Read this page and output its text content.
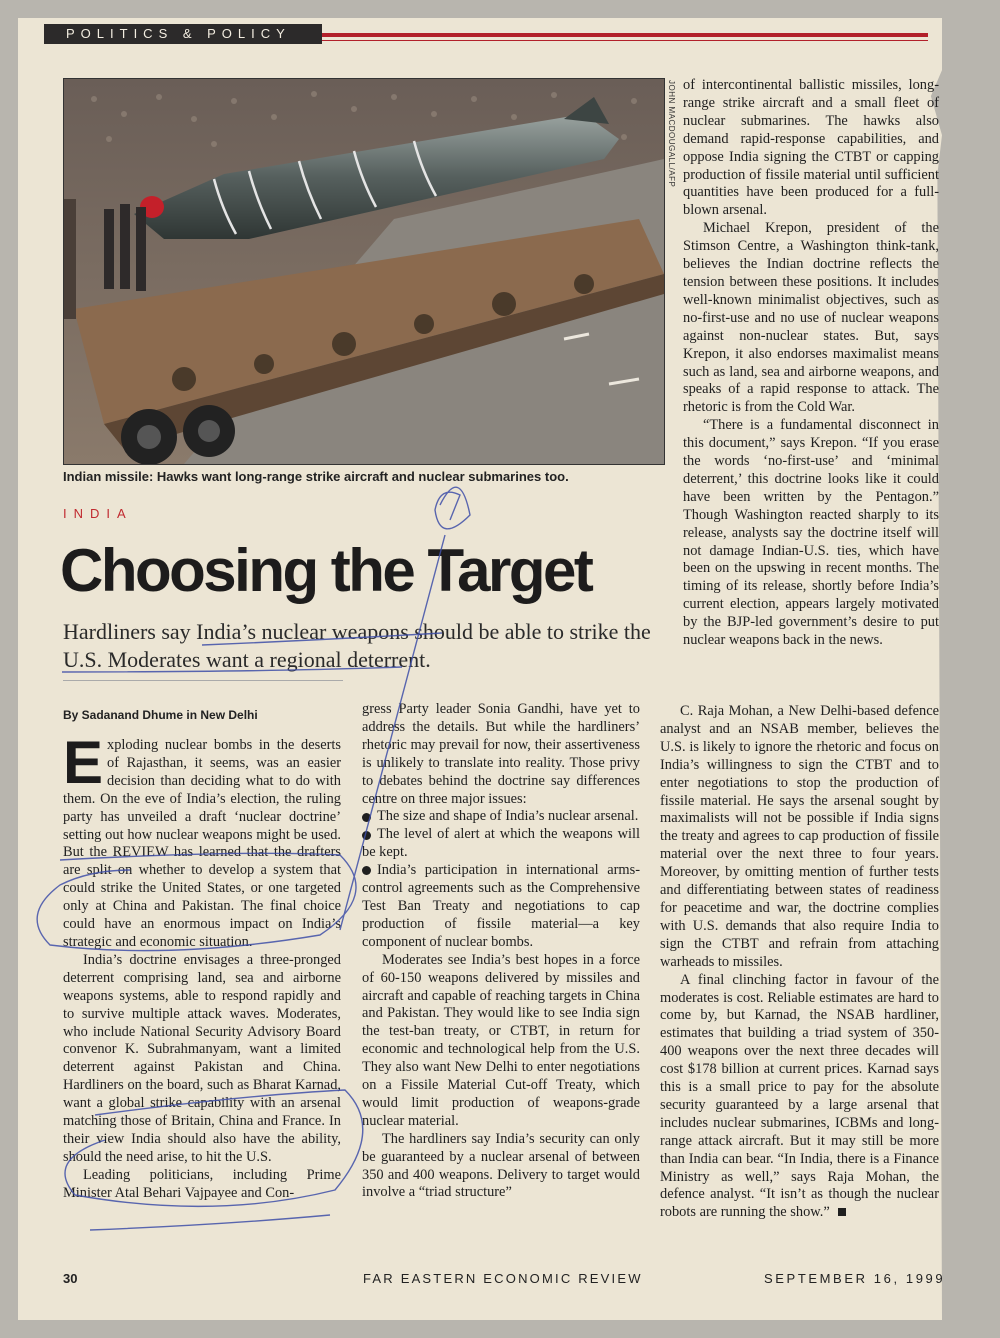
POLITICS & POLICY
JOHN MACDOUGALL/AFP
Indian missile: Hawks want long-range strike aircraft and nuclear submarines too.
INDIA
Choosing the Target
Hardliners say India’s nuclear weapons should be able to strike the U.S. Moderates want a regional deterrent.
By Sadanand Dhume in New Delhi

Exploding nuclear bombs in the deserts of Rajasthan, it seems, was an easier decision than deciding what to do with them. On the eve of India’s election, the ruling party has unveiled a draft ‘nuclear doctrine’ setting out how nuclear weapons might be used. But the REVIEW has learned that the drafters are split on whether to develop a system that could strike the United States, or one targeted only at China and Pakistan. The final choice could have an enormous impact on India’s strategic and economic situation.

India’s doctrine envisages a three-pronged deterrent comprising land, sea and airborne weapons systems, able to respond rapidly and to survive multiple attack waves. Moderates, who include National Security Advisory Board convenor K. Subrahmanyam, want a limited deterrent against Pakistan and China. Hardliners on the board, such as Bharat Karnad, want a global strike capability with an arsenal matching those of Britain, China and France. In their view India should also have the ability, should the need arise, to hit the U.S.

Leading politicians, including Prime Minister Atal Behari Vajpayee and Con-

gress Party leader Sonia Gandhi, have yet to address the details. But while the hardliners’ rhetoric may prevail for now, their assertiveness is unlikely to translate into reality. Those privy to debates behind the doctrine say differences centre on three major issues:

The size and shape of India’s nuclear arsenal.

The level of alert at which the weapons will be kept.

India’s participation in international arms-control agreements such as the Comprehensive Test Ban Treaty and negotiations to cap production of fissile material—a key component of nuclear bombs.

Moderates see India’s best hopes in a force of 60-150 weapons delivered by missiles and aircraft and capable of reaching targets in China and Pakistan. They would like to see India sign the test-ban treaty, or CTBT, in return for economic and technological help from the U.S. They also want New Delhi to enter negotiations on a Fissile Material Cut-off Treaty, which would limit production of weapons-grade nuclear material.

The hardliners say India’s security can only be guaranteed by a nuclear arsenal of between 350 and 400 weapons. Delivery to target would involve a “triad structure”

of intercontinental ballistic missiles, long-range strike aircraft and a small fleet of nuclear submarines. The hawks also demand rapid-response capabilities, and oppose India signing the CTBT or capping production of fissile material until sufficient quantities have been produced for a full-blown arsenal.

Michael Krepon, president of the Stimson Centre, a Washington think-tank, believes the Indian doctrine reflects the tension between these positions. It includes well-known minimalist objectives, such as no-first-use and no use of nuclear weapons against non-nuclear states. But, says Krepon, it also endorses maximalist means such as land, sea and airborne weapons, and speaks of a rapid response to attack. The rhetoric is from the Cold War.

“There is a fundamental disconnect in this document,” says Krepon. “If you erase the words ‘no-first-use’ and ‘minimal deterrent,’ this doctrine looks like it could have been written by the Pentagon.” Though Washington reacted sharply to its release, analysts say the doctrine itself will not damage Indian-U.S. ties, which have been on the upswing in recent months. The timing of its release, shortly before India’s current election, appears largely motivated by the BJP-led government’s desire to put nuclear weapons back in the news.

C. Raja Mohan, a New Delhi-based defence analyst and an NSAB member, believes the U.S. is likely to ignore the rhetoric and focus on India’s willingness to sign the CTBT and to enter negotiations to stop the production of fissile material. He says the arsenal sought by maximalists will not be possible if India signs the treaty and agrees to cap production of fissile material over the next three to four years. Moreover, by omitting mention of further tests and differentiating between states of readiness for peacetime and war, the doctrine complies with U.S. demands that also require India to sign the CTBT and refrain from attaching warheads to missiles.

A final clinching factor in favour of the moderates is cost. Reliable estimates are hard to come by, but Karnad, the NSAB hardliner, estimates that building a triad system of 350-400 weapons over the next three decades will cost $178 billion at current prices. Karnad says this is a small price to pay for the absolute security guaranteed by a large arsenal that includes nuclear submarines, ICBMs and long-range attack aircraft. But it may still be more than India can bear. “In India, there is a Finance Ministry as well,” says Raja Mohan, the defence analyst. “It isn’t as though the nuclear robots are running the show.”

30	FAR EASTERN ECONOMIC REVIEW	SEPTEMBER 16, 1999
